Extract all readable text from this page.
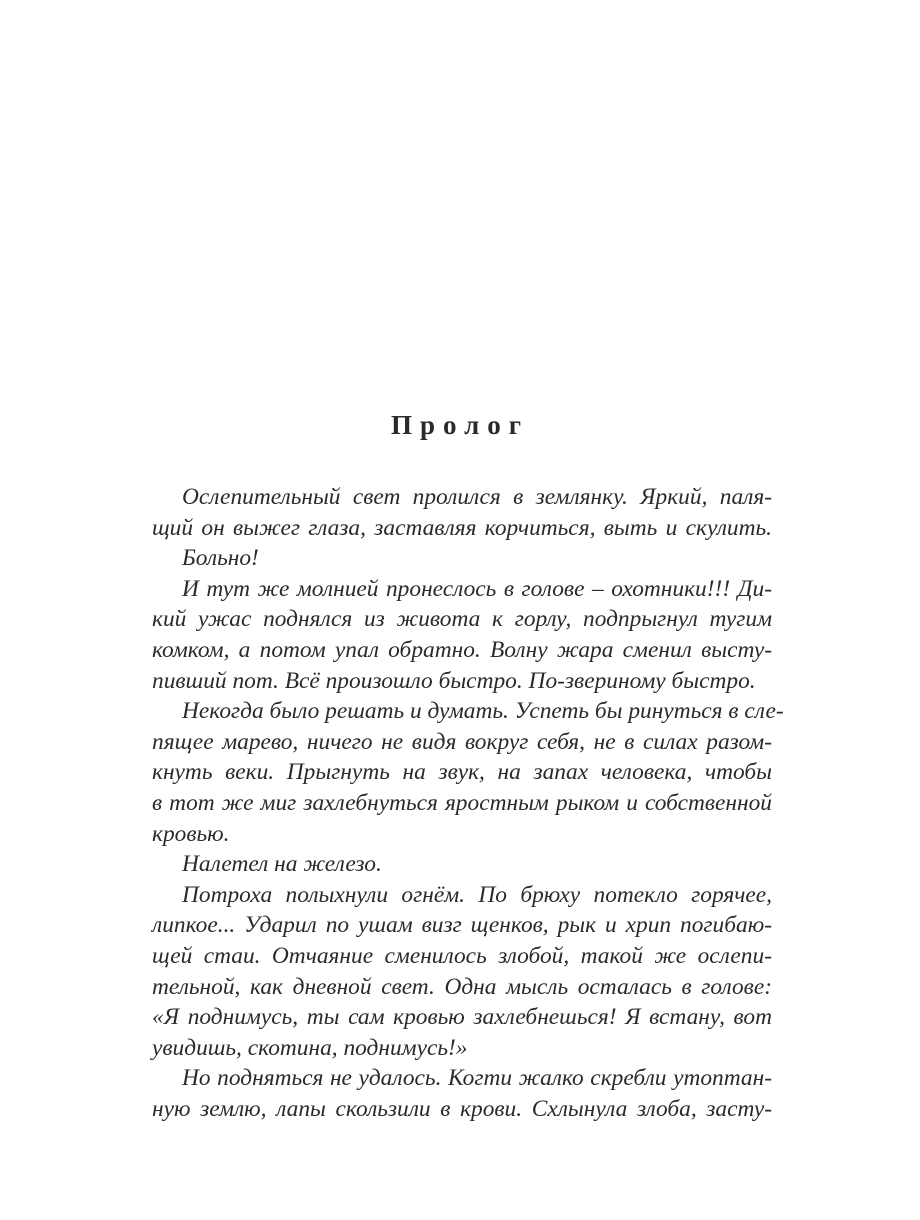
Пролог
Ослепительный свет пролился в землянку. Яркий, паля-
щий он выжег глаза, заставляя корчиться, выть и скулить.
Больно!
И тут же молнией пронеслось в голове – охотники!!! Ди-
кий ужас поднялся из живота к горлу, подпрыгнул тугим
комком, а потом упал обратно. Волну жара сменил высту-
пивший пот. Всё произошло быстро. По-звериному быстро.
Некогда было решать и думать. Успеть бы ринуться в сле-
пящее марево, ничего не видя вокруг себя, не в силах разом-
кнуть веки. Прыгнуть на звук, на запах человека, чтобы
в тот же миг захлебнуться яростным рыком и собственной
кровью.
Налетел на железо.
Потроха полыхнули огнём. По брюху потекло горячее,
липкое... Ударил по ушам визг щенков, рык и хрип погибаю-
щей стаи. Отчаяние сменилось злобой, такой же ослепи-
тельной, как дневной свет. Одна мысль осталась в голове:
«Я поднимусь, ты сам кровью захлебнешься! Я встану, вот
увидишь, скотина, поднимусь!»
Но подняться не удалось. Когти жалко скребли утоптан-
ную землю, лапы скользили в крови. Схлынула злоба, засту-
